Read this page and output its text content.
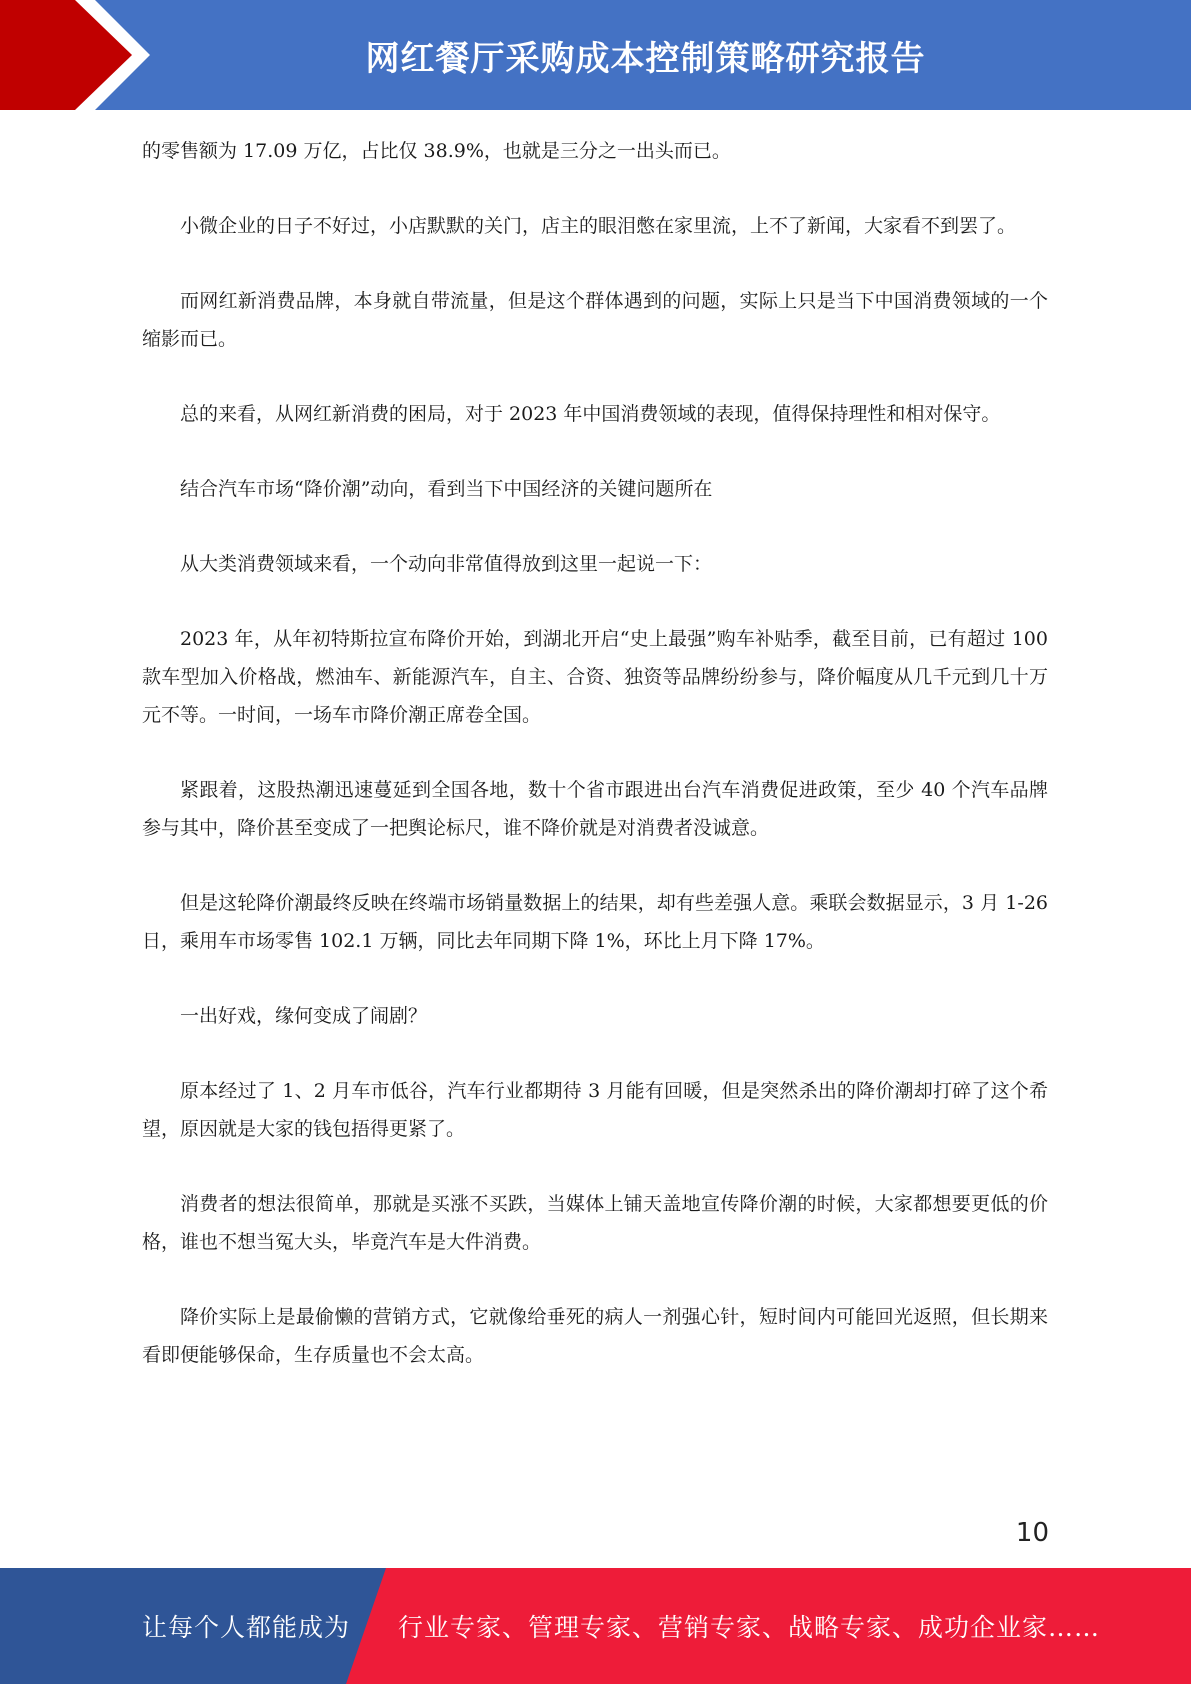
网红餐厅采购成本控制策略研究报告

的零售额为 17.09 万亿，占比仅 38.9%，也就是三分之一出头而已。

小微企业的日子不好过，小店默默的关门，店主的眼泪憋在家里流，上不了新闻，大家看不到罢了。

而网红新消费品牌，本身就自带流量，但是这个群体遇到的问题，实际上只是当下中国消费领域的一个缩影而已。

总的来看，从网红新消费的困局，对于 2023 年中国消费领域的表现，值得保持理性和相对保守。

结合汽车市场“降价潮”动向，看到当下中国经济的关键问题所在

从大类消费领域来看，一个动向非常值得放到这里一起说一下：

2023 年，从年初特斯拉宣布降价开始，到湖北开启“史上最强”购车补贴季，截至目前，已有超过 100 款车型加入价格战，燃油车、新能源汽车，自主、合资、独资等品牌纷纷参与，降价幅度从几千元到几十万元不等。一时间，一场车市降价潮正席卷全国。

紧跟着，这股热潮迅速蔓延到全国各地，数十个省市跟进出台汽车消费促进政策，至少 40 个汽车品牌参与其中，降价甚至变成了一把舆论标尺，谁不降价就是对消费者没诚意。

但是这轮降价潮最终反映在终端市场销量数据上的结果，却有些差强人意。乘联会数据显示，3 月 1-26 日，乘用车市场零售 102.1 万辆，同比去年同期下降 1%，环比上月下降 17%。

一出好戏，缘何变成了闹剧？

原本经过了 1、2 月车市低谷，汽车行业都期待 3 月能有回暖，但是突然杀出的降价潮却打碎了这个希望，原因就是大家的钱包捂得更紧了。

消费者的想法很简单，那就是买涨不买跌，当媒体上铺天盖地宣传降价潮的时候，大家都想要更低的价格，谁也不想当冤大头，毕竟汽车是大件消费。

降价实际上是最偷懒的营销方式，它就像给垂死的病人一剂强心针，短时间内可能回光返照，但长期来看即便能够保命，生存质量也不会太高。

10
让每个人都能成为 行业专家、管理专家、营销专家、战略专家、成功企业家……
